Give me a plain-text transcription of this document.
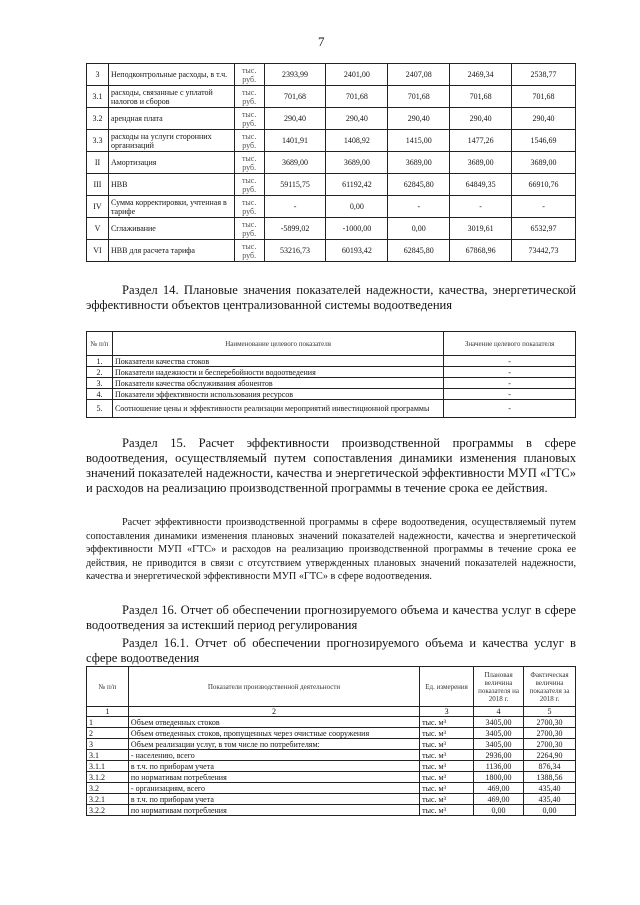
7
3	Неподконтрольные расходы, в т.ч.	тыс. руб.	2393,99	2401,00	2407,08	2469,34	2538,77
3.1	расходы, связанные с уплатой налогов и сборов	тыс. руб.	701,68	701,68	701,68	701,68	701,68
3.2	арендная плата	тыс. руб.	290,40	290,40	290,40	290,40	290,40
3.3	расходы на услуги сторонних организаций	тыс. руб.	1401,91	1408,92	1415,00	1477,26	1546,69
II	Амортизация	тыс. руб.	3689,00	3689,00	3689,00	3689,00	3689,00
III	НВВ	тыс. руб.	59115,75	61192,42	62845,80	64849,35	66910,76
IV	Сумма корректировки, учтенная в тарифе	тыс. руб.	-	0,00	-	-	-
V	Сглаживание	тыс. руб.	-5899,02	-1000,00	0,00	3019,61	6532,97
VI	НВВ для расчета тарифа	тыс. руб.	53216,73	60193,42	62845,80	67868,96	73442,73
Раздел 14. Плановые значения показателей надежности, качества, энергетической эффективности объектов централизованной системы водоотведения
№ п/п	Наименование целевого показателя	Значение целевого показателя
1.	Показатели качества стоков	-
2.	Показатели надежности и бесперебойности водоотведения	-
3.	Показатели качества обслуживания абонентов	-
4.	Показатели эффективности использования ресурсов	-
5.	Соотношение цены и эффективности реализации мероприятий инвестиционной программы	-
Раздел 15. Расчет эффективности производственной программы в сфере водоотведения, осуществляемый путем сопоставления динамики изменения плановых значений показателей надежности, качества и энергетической эффективности МУП «ГТС» и расходов на реализацию производственной программы в течение срока ее действия.
Расчет эффективности производственной программы в сфере водоотведения, осуществляемый путем сопоставления динамики изменения плановых значений показателей надежности, качества и энергетической эффективности МУП «ГТС» и расходов на реализацию производственной программы в течение срока ее действия, не приводится в связи с отсутствием утвержденных плановых значений показателей надежности, качества и энергетической эффективности МУП «ГТС» в сфере водоотведения.
Раздел 16. Отчет об обеспечении прогнозируемого объема и качества услуг в сфере водоотведения за истекший период регулирования
Раздел 16.1. Отчет об обеспечении прогнозируемого объема и качества услуг в сфере водоотведения
№ п/п	Показатели производственной деятельности	Ед. измерения	Плановая величина показателя на 2018 г.	Фактическая величина показателя за 2018 г.
1	2	3	4	5
1	Объем отведенных стоков	тыс. м³	3405,00	2700,30
2	Объем отведенных стоков, пропущенных через очистные сооружения	тыс. м³	3405,00	2700,30
3	Объем реализации услуг, в том числе по потребителям:	тыс. м³	3405,00	2700,30
3.1	- населению, всего	тыс. м³	2936,00	2264,90
3.1.1	в т.ч. по приборам учета	тыс. м³	1136,00	876,34
3.1.2	по нормативам потребления	тыс. м³	1800,00	1388,56
3.2	- организациям, всего	тыс. м³	469,00	435,40
3.2.1	в т.ч. по приборам учета	тыс. м³	469,00	435,40
3.2.2	по нормативам потребления	тыс. м³	0,00	0,00
